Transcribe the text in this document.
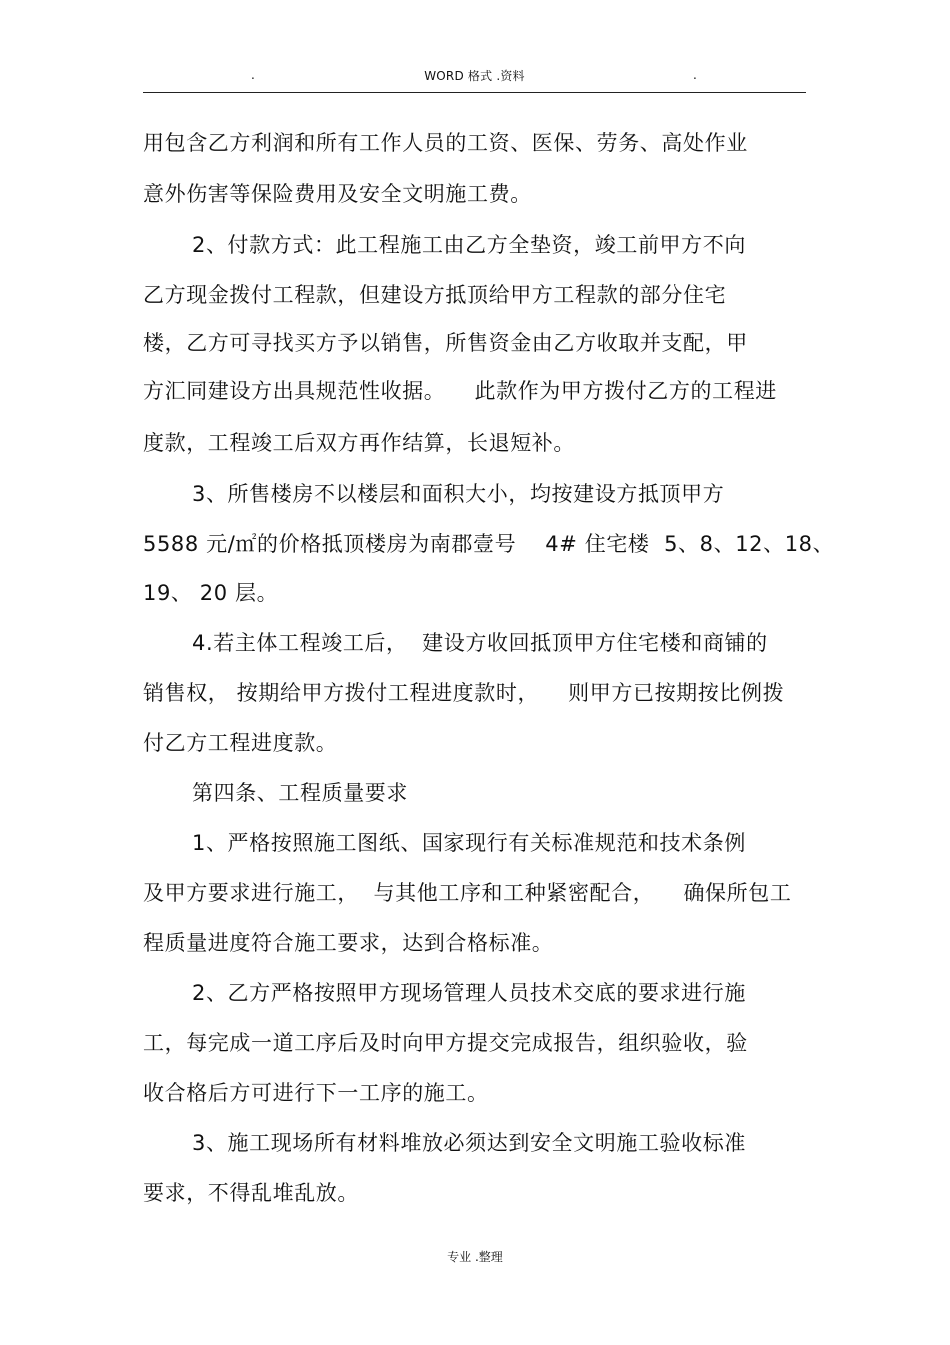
.	WORD 格式 .资料	.
用包含乙方利润和所有工作人员的工资、医保、劳务、高处作业
意外伤害等保险费用及安全文明施工费。
2、付款方式：此工程施工由乙方全垫资，竣工前甲方不向
乙方现金拨付工程款，但建设方抵顶给甲方工程款的部分住宅
楼，乙方可寻找买方予以销售，所售资金由乙方收取并支配，甲
方汇同建设方出具规范性收据。    此款作为甲方拨付乙方的工程进
度款，工程竣工后双方再作结算，长退短补。
3、所售楼房不以楼层和面积大小，均按建设方抵顶甲方
5588 元/㎡的价格抵顶楼房为南郡壹号    4# 住宅楼  5、8、12、18、
19、 20 层。
4.若主体工程竣工后，  建设方收回抵顶甲方住宅楼和商铺的
销售权， 按期给甲方拨付工程进度款时，    则甲方已按期按比例拨
付乙方工程进度款。
第四条、工程质量要求
1、严格按照施工图纸、国家现行有关标准规范和技术条例
及甲方要求进行施工，  与其他工序和工种紧密配合，    确保所包工
程质量进度符合施工要求，达到合格标准。
2、乙方严格按照甲方现场管理人员技术交底的要求进行施
工，每完成一道工序后及时向甲方提交完成报告，组织验收，验
收合格后方可进行下一工序的施工。
3、施工现场所有材料堆放必须达到安全文明施工验收标准
要求，不得乱堆乱放。
专业 .整理
